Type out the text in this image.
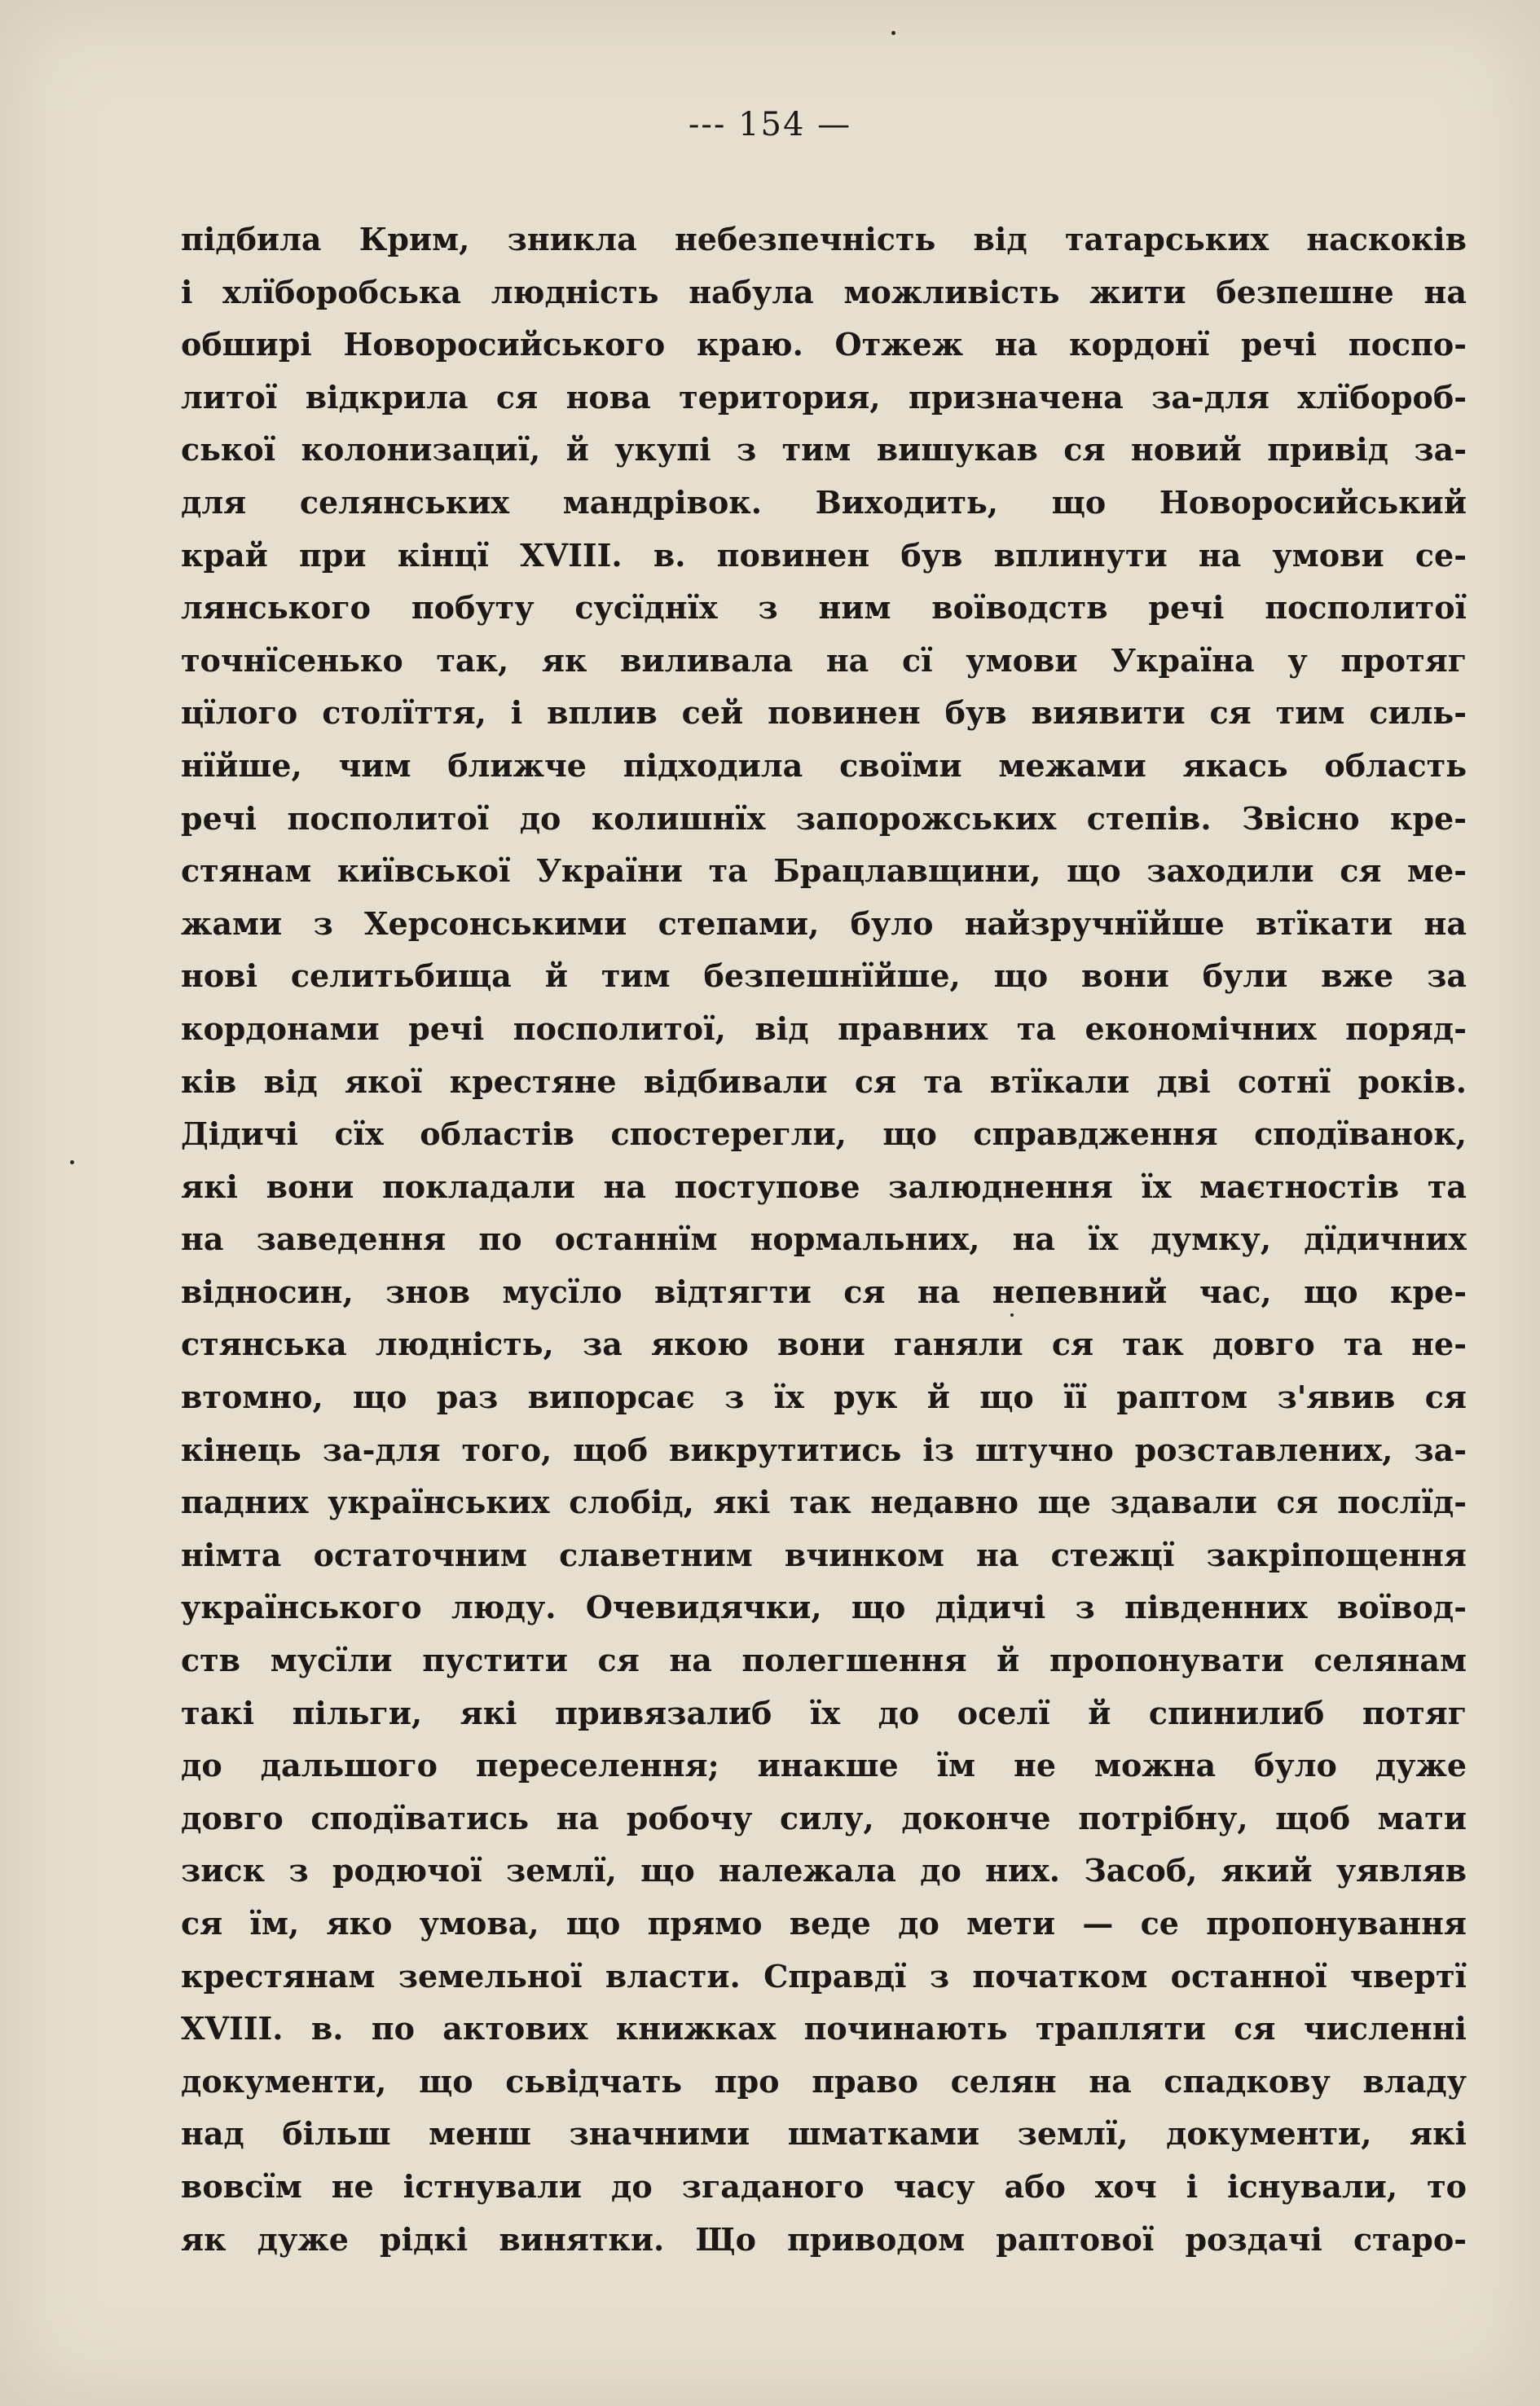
--- 154 —
підбила Крим, зникла небезпечність від татарських наскоків
і хлїборобська людність набула можливість жити безпешне на
обширі Новоросийського краю. Отжеж на кордонї речі поспо-
литої відкрила ся нова територия, призначена за-для хлїбороб-
ської колонизациї, й укупі з тим вишукав ся новий привід за-
для селянських мандрівок. Виходить, що Новоросийський
край при кінцї XVIII. в. повинен був вплинути на умови се-
лянського побуту сусїднїх з ним воїводств речі посполитої
точнїсенько так, як виливала на сї умови Україна у протяг
цїлого столїття, і вплив сей повинен був виявити ся тим силь-
нїйше, чим ближче підходила своїми межами якась область
речі посполитої до колишнїх запорожських степів. Звісно кре-
стянам київської України та Брацлавщини, що заходили ся ме-
жами з Херсонськими степами, було найзручнїйше втїкати на
нові селитьбища й тим безпешнїйше, що вони були вже за
кордонами речі посполитої, від правних та економічних поряд-
ків від якої крестяне відбивали ся та втїкали дві сотнї років.
Дідичі сїх областів спостерегли, що справдження сподїванок,
які вони покладали на поступове залюднення їх маєтностів та
на заведення по останнїм нормальних, на їх думку, дїдичних
відносин, знов мусїло відтягти ся на непевний час, що кре-
стянська людність, за якою вони ганяли ся так довго та не-
втомно, що раз випорсає з їх рук й що її раптом з'явив ся
кінець за-для того, щоб викрутитись із штучно розставлених, за-
падних українських слобід, які так недавно ще здавали ся послїд-
німта остаточним славетним вчинком на стежцї закріпощення
українського люду. Очевидячки, що дідичі з південних воївод-
ств мусїли пустити ся на полегшення й пропонувати селянам
такі пільги, які привязалиб їх до оселї й спинилиб потяг
до дальшого переселення; инакше їм не можна було дуже
довго сподїватись на робочу силу, доконче потрібну, щоб мати
зиск з родючої землї, що належала до них. Засоб, який уявляв
ся їм, яко умова, що прямо веде до мети — се пропонування
крестянам земельної власти. Справдї з початком останної чвертї
XVIII. в. по актових книжках починають трапляти ся численні
документи, що сьвідчать про право селян на спадкову владу
над більш менш значними шматками землї, документи, які
вовсїм не істнували до згаданого часу або хоч і існували, то
як дуже рідкі винятки. Що приводом раптової роздачі старо-
